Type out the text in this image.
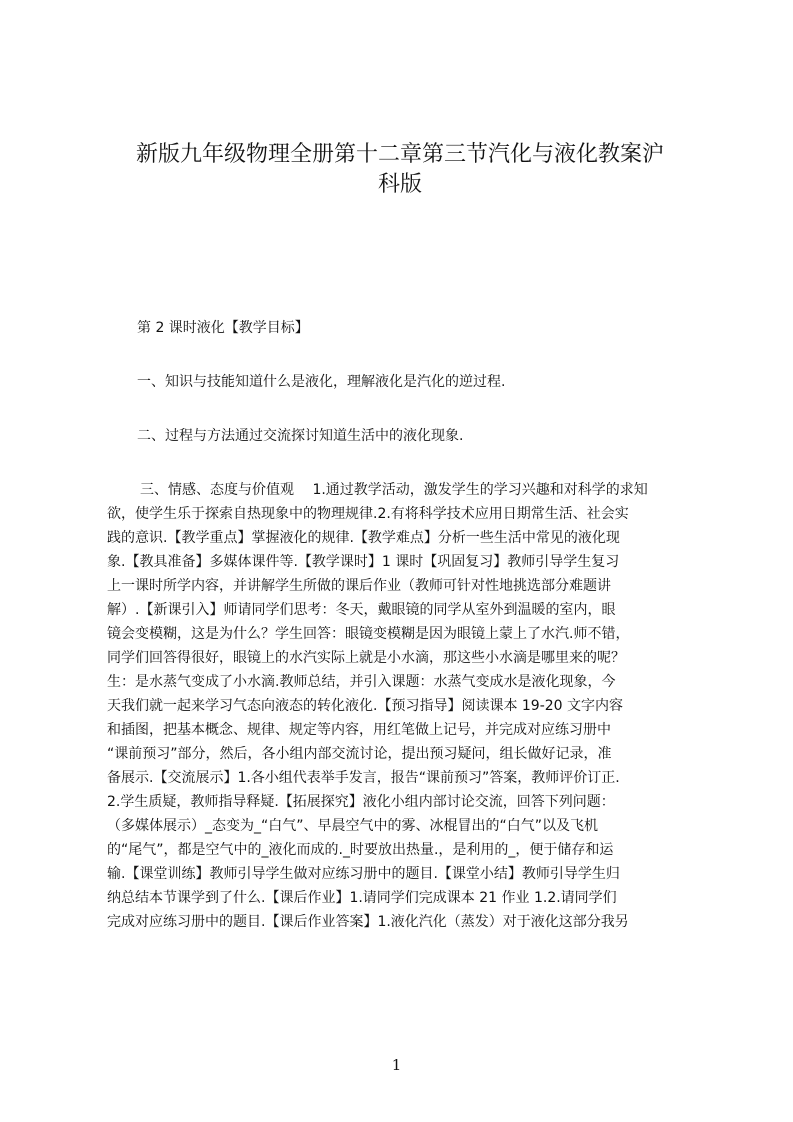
新版九年级物理全册第十二章第三节汽化与液化教案沪
科版
第 2 课时液化【教学目标】
一、知识与技能知道什么是液化，理解液化是汽化的逆过程.
二、过程与方法通过交流探讨知道生活中的液化现象.
三、情感、态度与价值观　 1.通过教学活动，激发学生的学习兴趣和对科学的求知
欲，使学生乐于探索自热现象中的物理规律.2.有将科学技术应用日期常生活、社会实
践的意识.【教学重点】掌握液化的规律.【教学难点】分析一些生活中常见的液化现
象.【教具准备】多媒体课件等.【教学课时】1 课时【巩固复习】教师引导学生复习
上一课时所学内容，并讲解学生所做的课后作业（教师可针对性地挑选部分难题讲
解）.【新课引入】师请同学们思考：冬天，戴眼镜的同学从室外到温暖的室内，眼
镜会变模糊，这是为什么？学生回答：眼镜变模糊是因为眼镜上蒙上了水汽.师不错，
同学们回答得很好，眼镜上的水汽实际上就是小水滴，那这些小水滴是哪里来的呢？
生：是水蒸气变成了小水滴.教师总结，并引入课题：水蒸气变成水是液化现象，今
天我们就一起来学习气态向液态的转化液化.【预习指导】阅读课本 19-20 文字内容
和插图，把基本概念、规律、规定等内容，用红笔做上记号，并完成对应练习册中
“课前预习”部分，然后，各小组内部交流讨论，提出预习疑问，组长做好记录，准
备展示.【交流展示】1.各小组代表举手发言，报告“课前预习”答案，教师评价订正.
2.学生质疑，教师指导释疑.【拓展探究】液化小组内部讨论交流，回答下列问题：
（多媒体展示）_态变为_“白气”、早晨空气中的雾、冰棍冒出的“白气”以及飞机
的“尾气”，都是空气中的_液化而成的._时要放出热量.，是利用的_，便于储存和运
输.【课堂训练】教师引导学生做对应练习册中的题目.【课堂小结】教师引导学生归
纳总结本节课学到了什么.【课后作业】1.请同学们完成课本 21 作业 1.2.请同学们
完成对应练习册中的题目.【课后作业答案】1.液化汽化（蒸发）对于液化这部分我另
1
